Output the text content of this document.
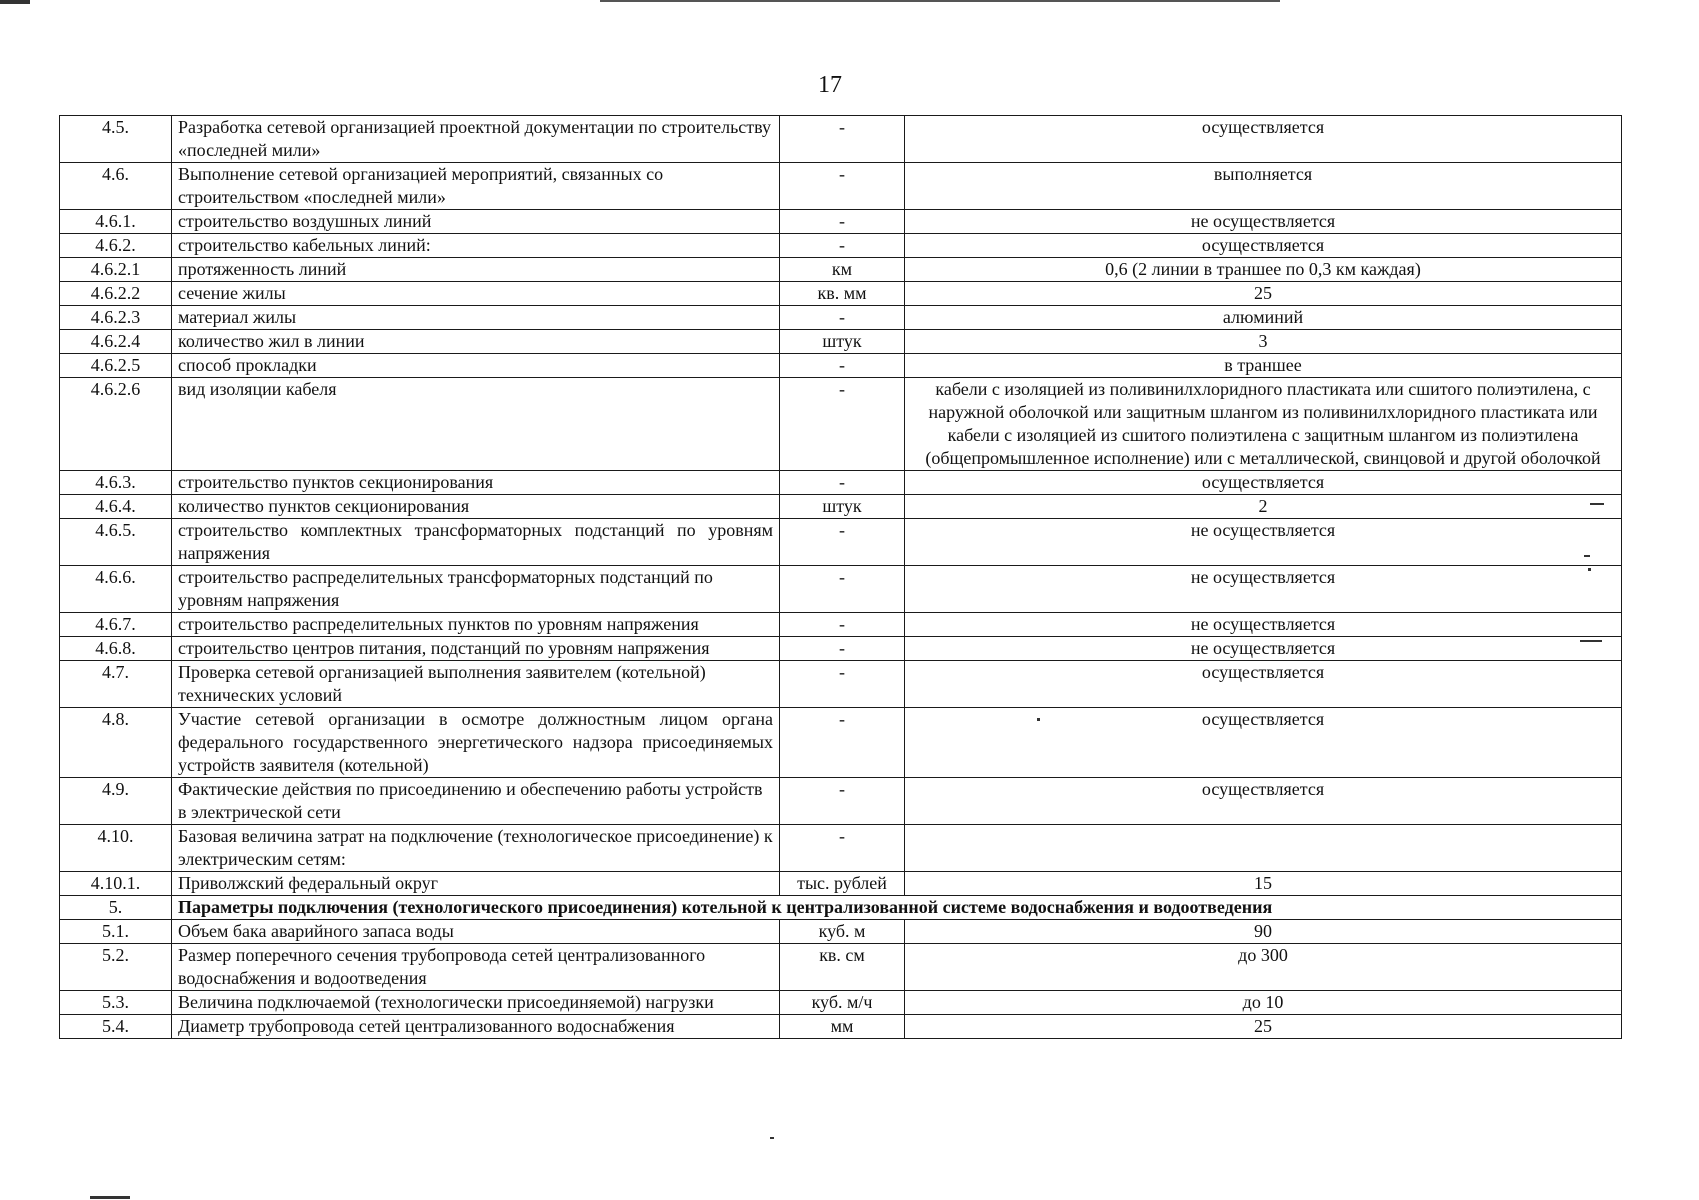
17
4.5.	Разработка сетевой организацией проектной документации по строительству «последней мили»	-	осуществляется
4.6.	Выполнение сетевой организацией мероприятий, связанных со строительством «последней мили»	-	выполняется
4.6.1.	строительство воздушных линий	-	не осуществляется
4.6.2.	строительство кабельных линий:	-	осуществляется
4.6.2.1	протяженность линий	км	0,6 (2 линии в траншее по 0,3 км каждая)
4.6.2.2	сечение жилы	кв. мм	25
4.6.2.3	материал жилы	-	алюминий
4.6.2.4	количество жил в линии	штук	3
4.6.2.5	способ прокладки	-	в траншее
4.6.2.6	вид изоляции кабеля	-	кабели с изоляцией из поливинилхлоридного пластиката или сшитого полиэтилена, с наружной оболочкой или защитным шлангом из поливинилхлоридного пластиката или кабели с изоляцией из сшитого полиэтилена с защитным шлангом из полиэтилена (общепромышленное исполнение) или с металлической, свинцовой и другой оболочкой
4.6.3.	строительство пунктов секционирования	-	осуществляется
4.6.4.	количество пунктов секционирования	штук	2
4.6.5.	строительство комплектных трансформаторных подстанций по уровням напряжения	-	не осуществляется
4.6.6.	строительство распределительных трансформаторных подстанций по уровням напряжения	-	не осуществляется
4.6.7.	строительство распределительных пунктов по уровням напряжения	-	не осуществляется
4.6.8.	строительство центров питания, подстанций по уровням напряжения	-	не осуществляется
4.7.	Проверка сетевой организацией выполнения заявителем (котельной) технических условий	-	осуществляется
4.8.	Участие сетевой организации в осмотре должностным лицом органа федерального государственного энергетического надзора присоединяемых устройств заявителя (котельной)	-	осуществляется
4.9.	Фактические действия по присоединению и обеспечению работы устройств в электрической сети	-	осуществляется
4.10.	Базовая величина затрат на подключение (технологическое присоединение) к электрическим сетям:	-	
4.10.1.	Приволжский федеральный округ	тыс. рублей	15
5.	Параметры подключения (технологического присоединения) котельной к централизованной системе водоснабжения и водоотведения		
5.1.	Объем бака аварийного запаса воды	куб. м	90
5.2.	Размер поперечного сечения трубопровода сетей централизованного водоснабжения и водоотведения	кв. см	до 300
5.3.	Величина подключаемой (технологически присоединяемой) нагрузки	куб. м/ч	до 10
5.4.	Диаметр трубопровода сетей централизованного водоснабжения	мм	25
